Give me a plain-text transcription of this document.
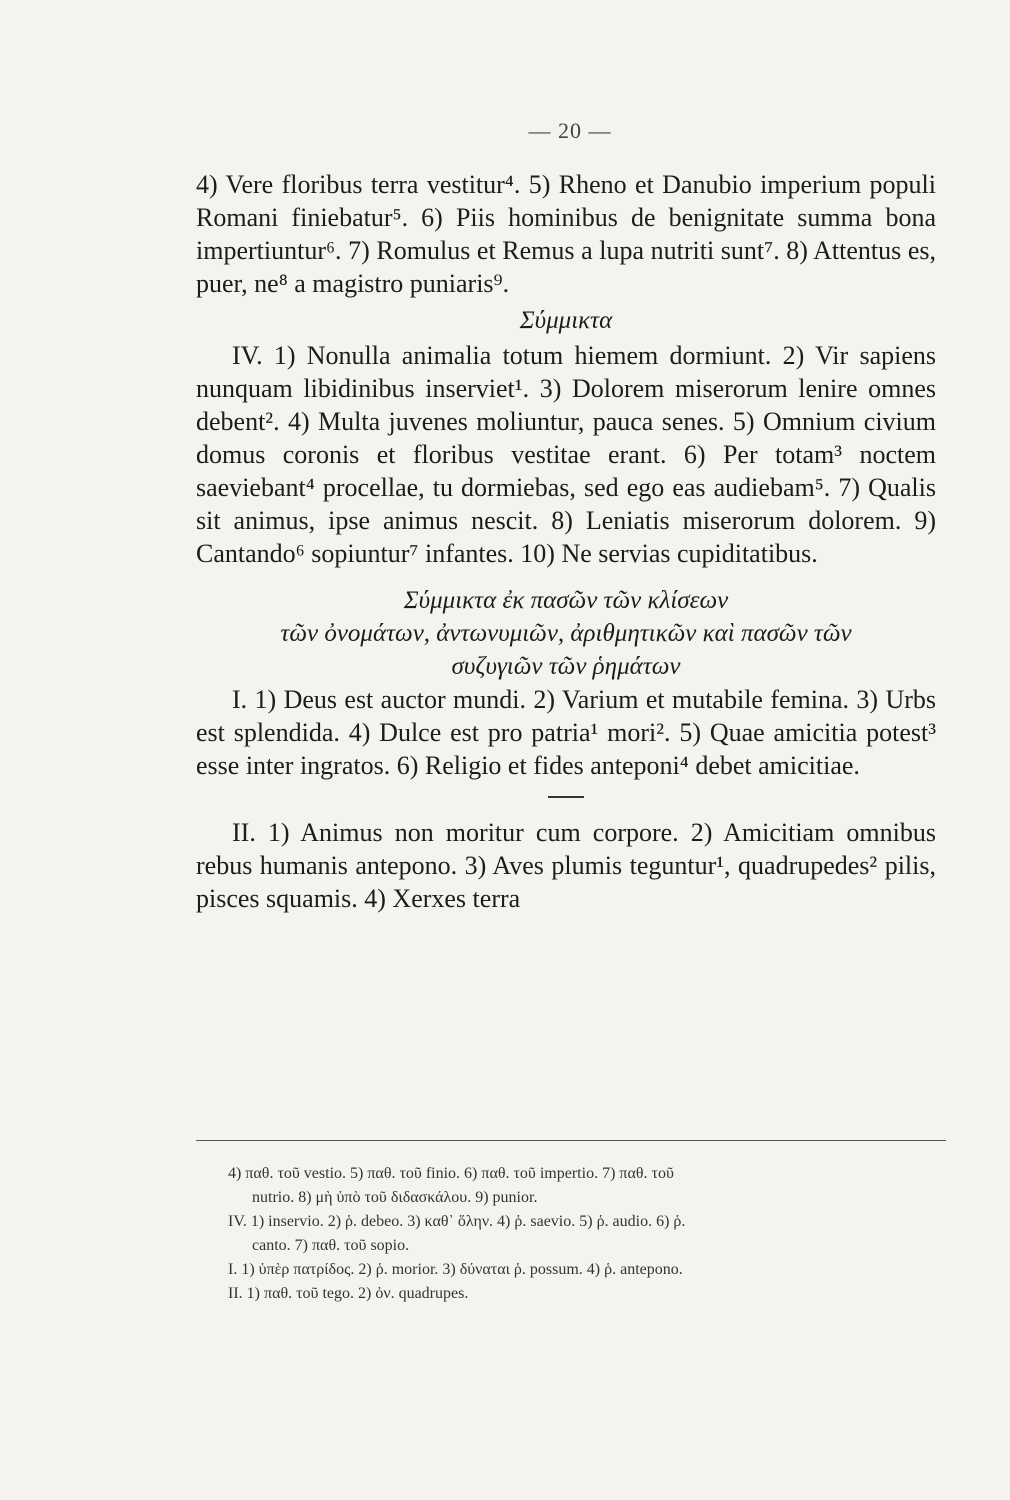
— 20 —

4) Vere floribus terra vestitur⁴. 5) Rheno et Danubio imperium populi Romani finiebatur⁵. 6) Piis hominibus de benignitate summa bona impertiuntur⁶. 7) Romulus et Remus a lupa nutriti sunt⁷. 8) Attentus es, puer, ne⁸ a magistro puniaris⁹.

Σύμμικτα

IV. 1) Nonulla animalia totum hiemem dormiunt. 2) Vir sapiens nunquam libidinibus inserviet¹. 3) Dolorem miserorum lenire omnes debent². 4) Multa juvenes moliuntur, pauca senes. 5) Omnium civium domus coronis et floribus vestitae erant. 6) Per totam³ noctem saeviebant⁴ procellae, tu dormiebas, sed ego eas audiebam⁵. 7) Qualis sit animus, ipse animus nescit. 8) Leniatis miserorum dolorem. 9) Cantando⁶ sopiuntur⁷ infantes. 10) Ne servias cupiditatibus.

Σύμμικτα ἐκ πασῶν τῶν κλίσεων
τῶν ὀνομάτων, ἀντωνυμιῶν, ἀριθμητικῶν καὶ πασῶν τῶν
συζυγιῶν τῶν ῥημάτων

I. 1) Deus est auctor mundi. 2) Varium et mutabile femina. 3) Urbs est splendida. 4) Dulce est pro patria¹ mori². 5) Quae amicitia potest³ esse inter ingratos. 6) Religio et fides anteponi⁴ debet amicitiae.

II. 1) Animus non moritur cum corpore. 2) Amicitiam omnibus rebus humanis antepono. 3) Aves plumis teguntur¹, quadrupedes² pilis, pisces squamis. 4) Xerxes terra

4) παθ. τοῦ vestio. 5) παθ. τοῦ finio. 6) παθ. τοῦ impertio. 7) παθ. τοῦ

nutrio. 8) μὴ ὑπὸ τοῦ διδασκάλου. 9) punior.

IV. 1) inservio. 2) ῥ. debeo. 3) καθ᾽ ὅλην. 4) ῥ. saevio. 5) ῥ. audio. 6) ῥ.

canto. 7) παθ. τοῦ sopio.

I. 1) ὑπὲρ πατρίδος. 2) ῥ. morior. 3) δύναται ῥ. possum. 4) ῥ. antepono.

II. 1) παθ. τοῦ tego. 2) ὀν. quadrupes.
